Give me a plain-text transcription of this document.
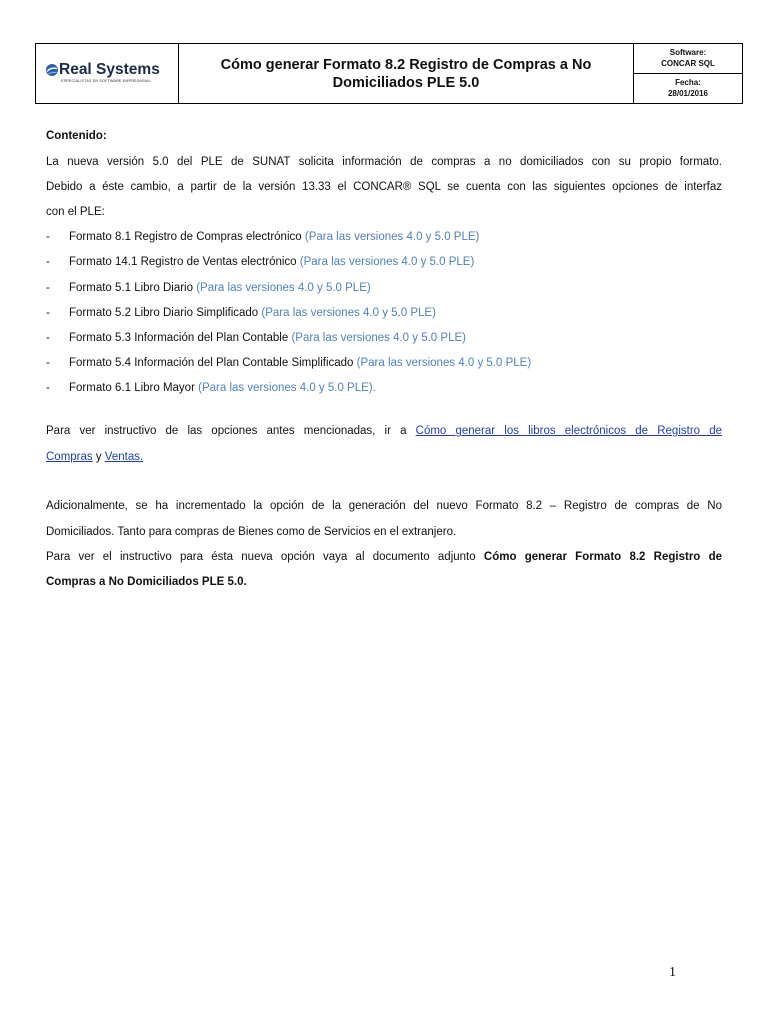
Real Systems
ESPECIALISTAS EN SOFTWARE EMPRESARIAL
Cómo generar Formato 8.2 Registro de Compras a No
Domiciliados PLE 5.0
Software:
CONCAR SQL
Fecha:
28/01/2016
Contenido:
La nueva versión 5.0 del PLE de SUNAT solicita información de compras a no domiciliados con su propio formato.
Debido a éste cambio, a partir de la versión 13.33 el CONCAR® SQL se cuenta con las siguientes opciones de interfaz
con el PLE:
- Formato 8.1 Registro de Compras electrónico (Para las versiones 4.0 y 5.0 PLE)
- Formato 14.1 Registro de Ventas electrónico (Para las versiones 4.0 y 5.0 PLE)
- Formato 5.1 Libro Diario (Para las versiones 4.0 y 5.0 PLE)
- Formato 5.2 Libro Diario Simplificado (Para las versiones 4.0 y 5.0 PLE)
- Formato 5.3 Información del Plan Contable (Para las versiones 4.0 y 5.0 PLE)
- Formato 5.4 Información del Plan Contable Simplificado (Para las versiones 4.0 y 5.0 PLE)
- Formato 6.1 Libro Mayor (Para las versiones 4.0 y 5.0 PLE).
Para ver instructivo de las opciones antes mencionadas, ir a Cómo generar los libros electrónicos de Registro de
Compras y Ventas.
Adicionalmente, se ha incrementado la opción de la generación del nuevo Formato 8.2 – Registro de compras de No
Domiciliados. Tanto para compras de Bienes como de Servicios en el extranjero.
Para ver el instructivo para ésta nueva opción vaya al documento adjunto Cómo generar Formato 8.2 Registro de
Compras a No Domiciliados PLE 5.0.
1
